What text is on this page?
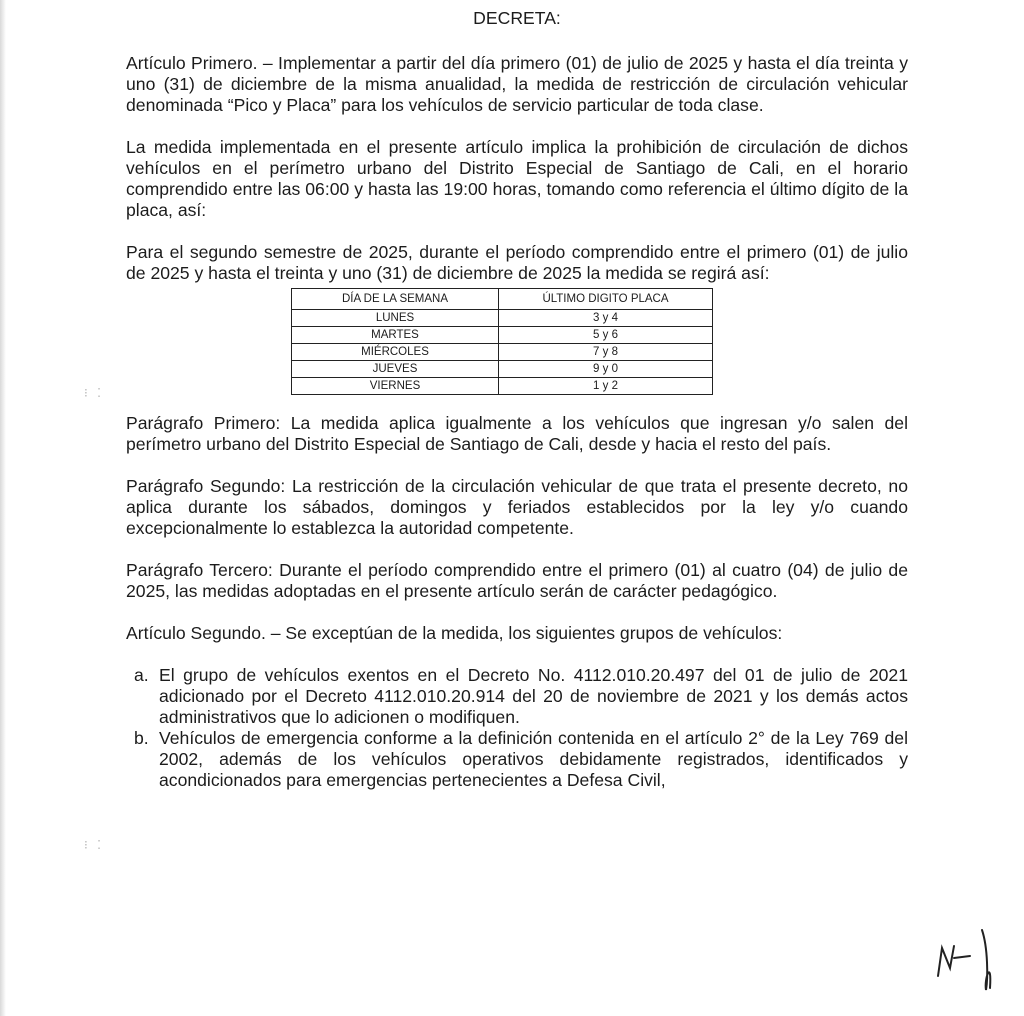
⁝ ⁚
⁝ ⁚
DECRETA:

Artículo Primero. – Implementar a partir del día primero (01) de julio de 2025 y hasta el día treinta y uno (31) de diciembre de la misma anualidad, la medida de restricción de circulación vehicular denominada “Pico y Placa” para los vehículos de servicio particular de toda clase.

La medida implementada en el presente artículo implica la prohibición de circulación de dichos vehículos en el perímetro urbano del Distrito Especial de Santiago de Cali, en el horario comprendido entre las 06:00 y hasta las 19:00 horas, tomando como referencia el último dígito de la placa, así:

Para el segundo semestre de 2025, durante el período comprendido entre el primero (01) de julio de 2025 y hasta el treinta y uno (31) de diciembre de 2025 la medida se regirá así:

DÍA DE LA SEMANA	ÚLTIMO DIGITO PLACA
LUNES	3 y 4
MARTES	5 y 6
MIÉRCOLES	7 y 8
JUEVES	9 y 0
VIERNES	1 y 2

Parágrafo Primero: La medida aplica igualmente a los vehículos que ingresan y/o salen del perímetro urbano del Distrito Especial de Santiago de Cali, desde y hacia el resto del país.

Parágrafo Segundo: La restricción de la circulación vehicular de que trata el presente decreto, no aplica durante los sábados, domingos y feriados establecidos por la ley y/o cuando excepcionalmente lo establezca la autoridad competente.

Parágrafo Tercero: Durante el período comprendido entre el primero (01) al cuatro (04) de julio de 2025, las medidas adoptadas en el presente artículo serán de carácter pedagógico.

Artículo Segundo. – Se exceptúan de la medida, los siguientes grupos de vehículos:

a. El grupo de vehículos exentos en el Decreto No. 4112.010.20.497 del 01 de julio de 2021 adicionado por el Decreto 4112.010.20.914 del 20 de noviembre de 2021 y los demás actos administrativos que lo adicionen o modifiquen.
b. Vehículos de emergencia conforme a la definición contenida en el artículo 2° de la Ley 769 del 2002, además de los vehículos operativos debidamente registrados, identificados y acondicionados para emergencias pertenecientes a Defesa Civil,
